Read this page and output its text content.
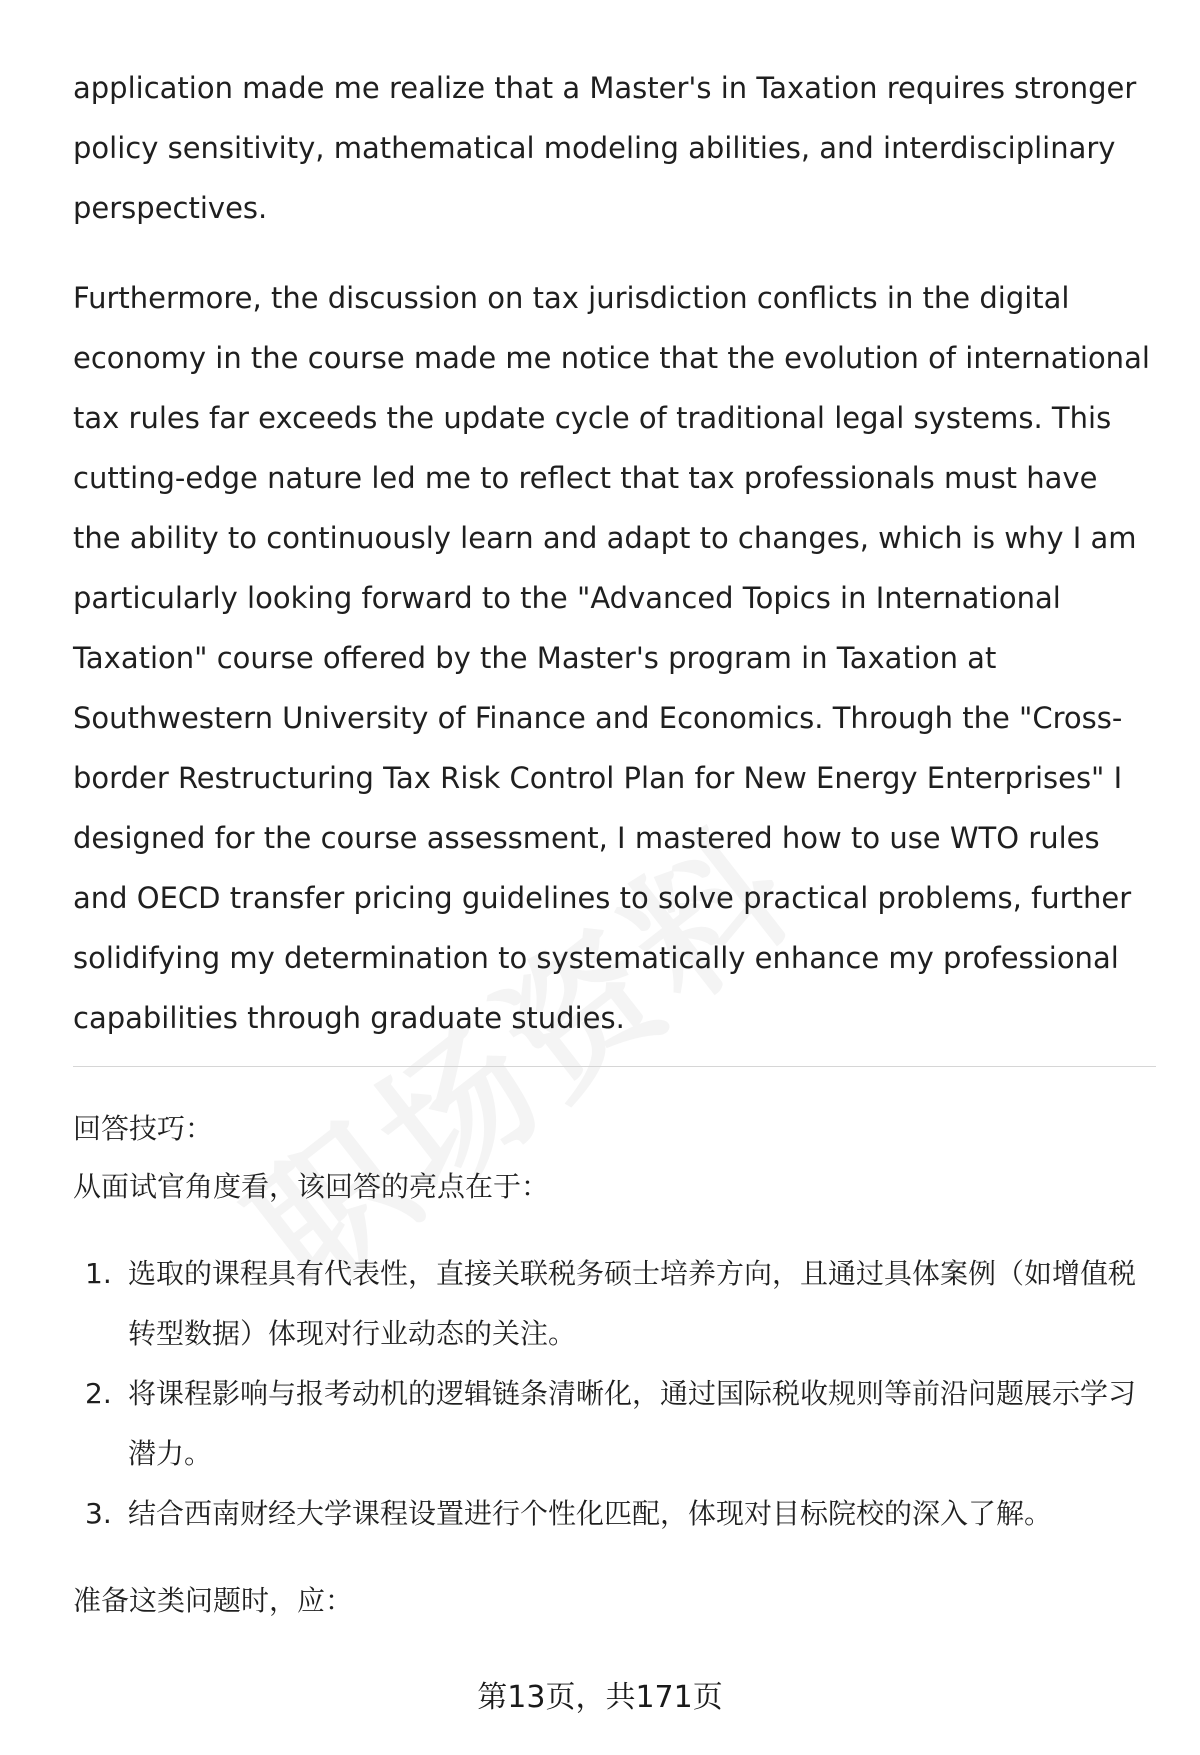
application made me realize that a Master's in Taxation requires stronger policy sensitivity, mathematical modeling abilities, and interdisciplinary perspectives.

Furthermore, the discussion on tax jurisdiction conflicts in the digital economy in the course made me notice that the evolution of international tax rules far exceeds the update cycle of traditional legal systems. This cutting-edge nature led me to reflect that tax professionals must have the ability to continuously learn and adapt to changes, which is why I am particularly looking forward to the "Advanced Topics in International Taxation" course offered by the Master's program in Taxation at Southwestern University of Finance and Economics. Through the "Cross-border Restructuring Tax Risk Control Plan for New Energy Enterprises" I designed for the course assessment, I mastered how to use WTO rules and OECD transfer pricing guidelines to solve practical problems, further solidifying my determination to systematically enhance my professional capabilities through graduate studies.

回答技巧：

从面试官角度看，该回答的亮点在于：

1. 选取的课程具有代表性，直接关联税务硕士培养方向，且通过具体案例（如增值税转型数据）体现对行业动态的关注。
2. 将课程影响与报考动机的逻辑链条清晰化，通过国际税收规则等前沿问题展示学习潜力。
3. 结合西南财经大学课程设置进行个性化匹配，体现对目标院校的深入了解。

准备这类问题时，应：

第13页，共171页
